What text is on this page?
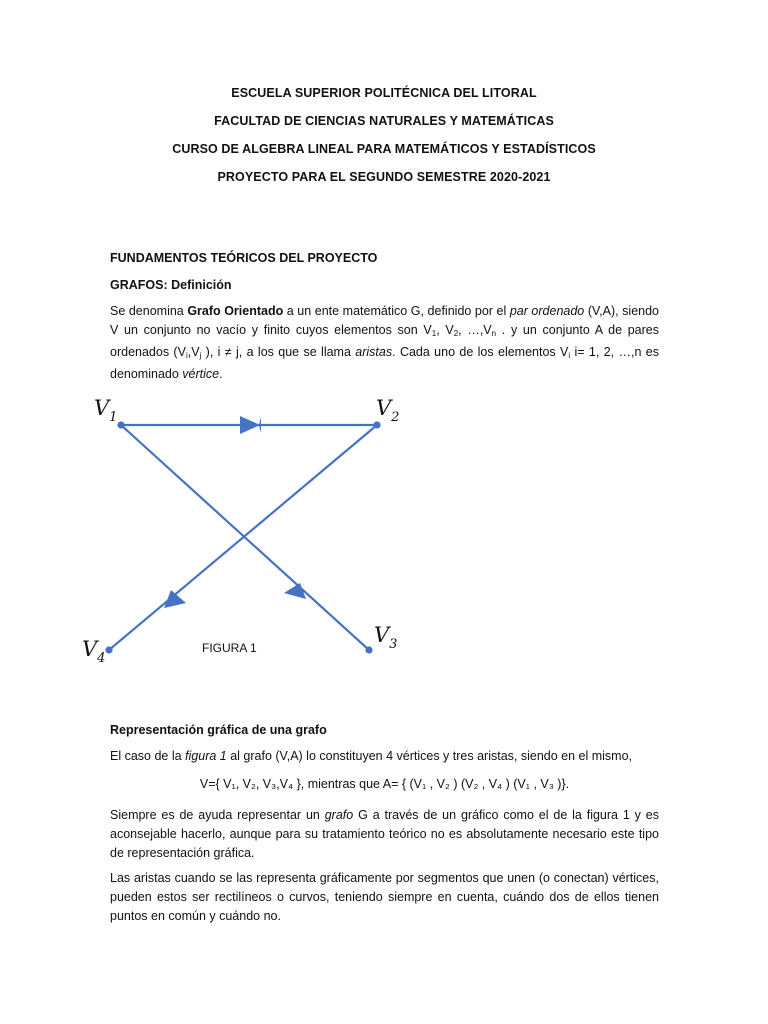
ESCUELA SUPERIOR POLITÉCNICA DEL LITORAL
FACULTAD DE CIENCIAS NATURALES Y MATEMÁTICAS
CURSO DE ALGEBRA LINEAL PARA MATEMÁTICOS Y ESTADÍSTICOS
PROYECTO PARA EL SEGUNDO SEMESTRE 2020-2021
FUNDAMENTOS TEÓRICOS DEL PROYECTO
GRAFOS: Definición
Se denomina Grafo Orientado a un ente matemático G, definido por el par ordenado (V,A), siendo V un conjunto no vacío y finito cuyos elementos son $V_1$, $V_2$, $\dots,V_n$ . y un conjunto A de pares ordenados ($V_i,V_j$ ), i ≠ j, a los que se llama aristas. Cada uno de los elementos $V_i$ i= 1, 2, …,n es denominado vértice.
$V_1$	$V_2$
$V_3$
$V_4$
FIGURA 1
Representación gráfica de una grafo
El caso de la figura 1 al grafo (V,A) lo constituyen 4 vértices y tres aristas, siendo en el mismo,
V={ V₁, V₂, V₃,V₄ }, mientras que A= { (V₁ , V₂ ) (V₂ , V₄ ) (V₁ , V₃ )}.
Siempre es de ayuda representar un grafo G a través de un gráfico como el de la figura 1 y es aconsejable hacerlo, aunque para su tratamiento teórico no es absolutamente necesario este tipo de representación gráfica.
Las aristas cuando se las representa gráficamente por segmentos que unen (o conectan) vértices, pueden estos ser rectilíneos o curvos, teniendo siempre en cuenta, cuándo dos de ellos tienen puntos en común y cuándo no.
